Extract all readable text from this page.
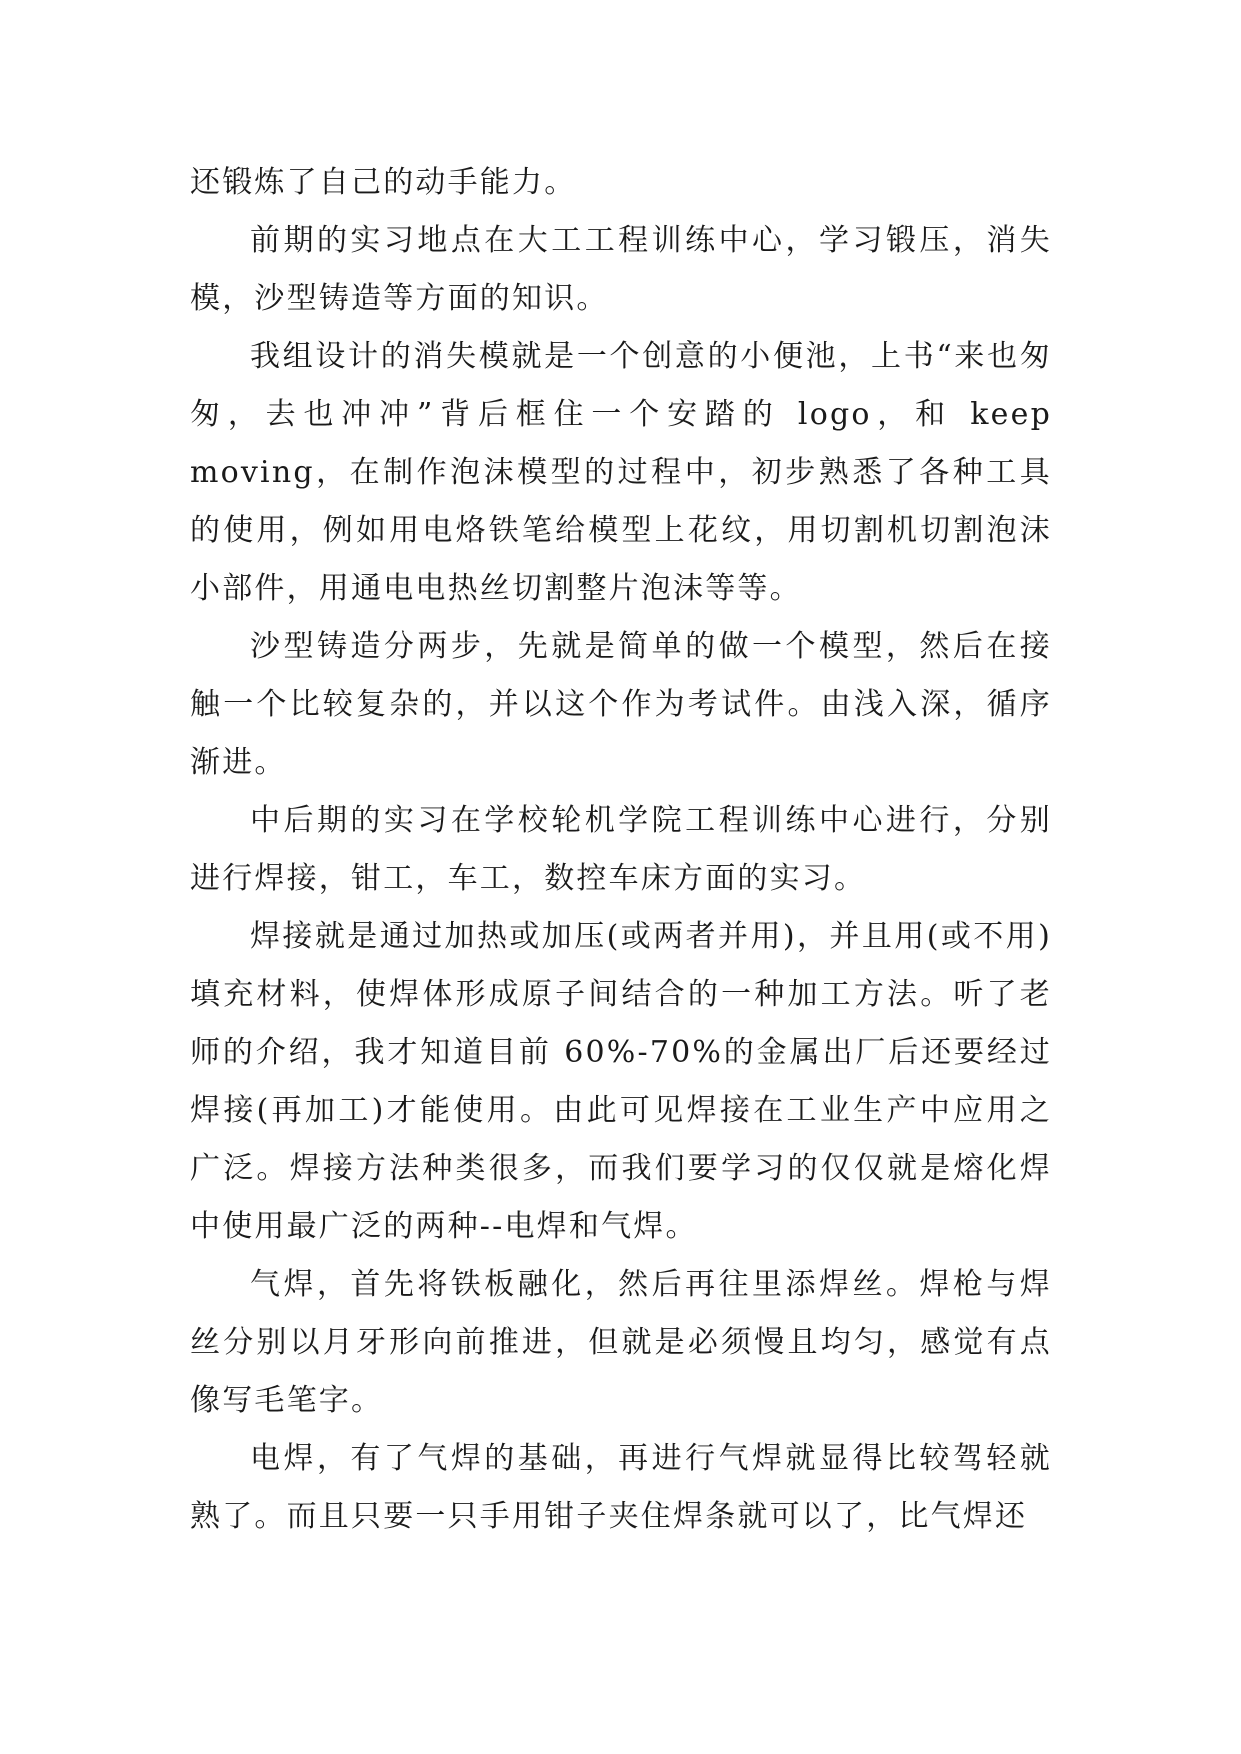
还锻炼了自己的动手能力。

前期的实习地点在大工工程训练中心，学习锻压，消失模，沙型铸造等方面的知识。

我组设计的消失模就是一个创意的小便池，上书“来也匆匆，去也冲冲”背后框住一个安踏的 logo，和 keep moving，在制作泡沫模型的过程中，初步熟悉了各种工具的使用，例如用电烙铁笔给模型上花纹，用切割机切割泡沫小部件，用通电电热丝切割整片泡沫等等。

沙型铸造分两步，先就是简单的做一个模型，然后在接触一个比较复杂的，并以这个作为考试件。由浅入深，循序渐进。

中后期的实习在学校轮机学院工程训练中心进行，分别进行焊接，钳工，车工，数控车床方面的实习。

焊接就是通过加热或加压(或两者并用)，并且用(或不用)填充材料，使焊体形成原子间结合的一种加工方法。听了老师的介绍，我才知道目前 60%-70%的金属出厂后还要经过焊接(再加工)才能使用。由此可见焊接在工业生产中应用之广泛。焊接方法种类很多，而我们要学习的仅仅就是熔化焊中使用最广泛的两种--电焊和气焊。

气焊，首先将铁板融化，然后再往里添焊丝。焊枪与焊丝分别以月牙形向前推进，但就是必须慢且均匀，感觉有点像写毛笔字。

电焊，有了气焊的基础，再进行气焊就显得比较驾轻就熟了。而且只要一只手用钳子夹住焊条就可以了，比气焊还
